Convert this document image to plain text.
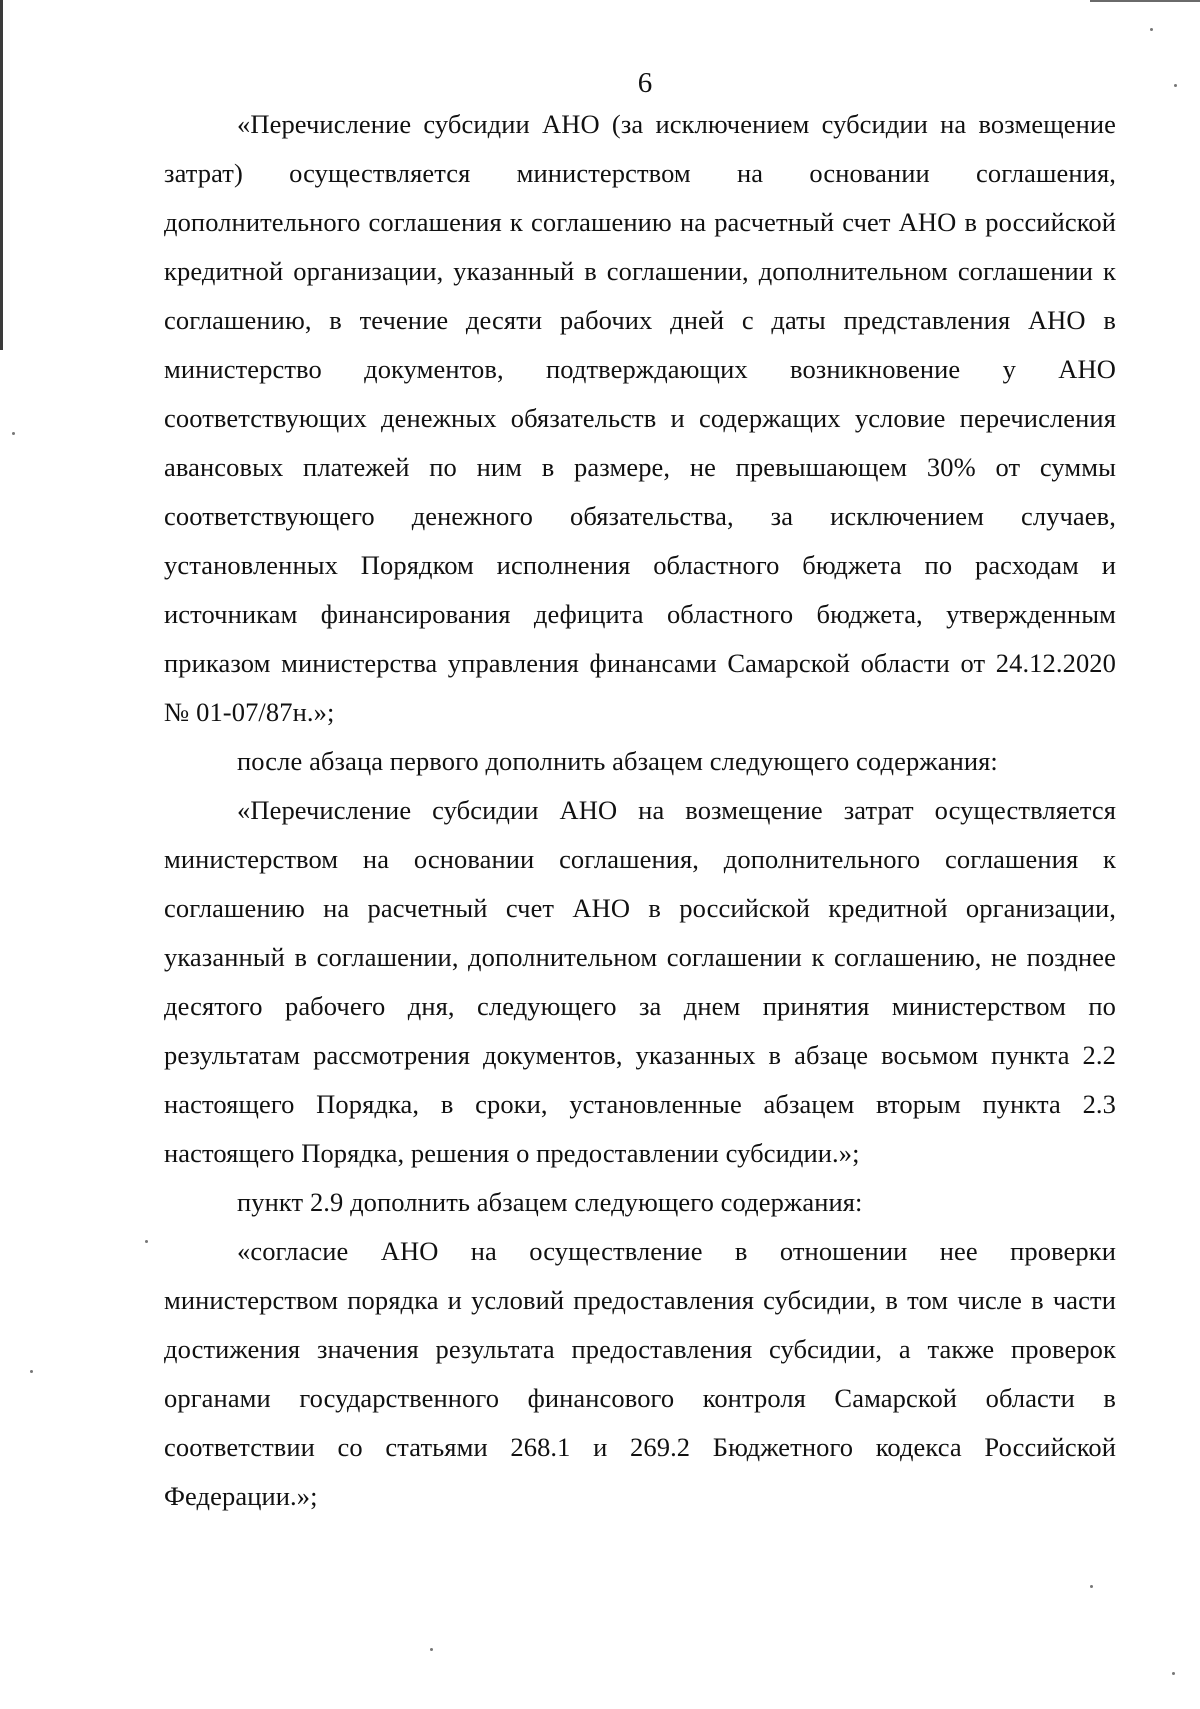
6

«Перечисление субсидии АНО (за исключением субсидии на возмещение затрат) осуществляется министерством на основании соглашения, дополнительного соглашения к соглашению на расчетный счет АНО в российской кредитной организации, указанный в соглашении, дополнительном соглашении к соглашению, в течение десяти рабочих дней с даты представления АНО в министерство документов, подтверждающих возникновение у АНО соответствующих денежных обязательств и содержащих условие перечисления авансовых платежей по ним в размере, не превышающем 30% от суммы соответствующего денежного обязательства, за исключением случаев, установленных Порядком исполнения областного бюджета по расходам и источникам финансирования дефицита областного бюджета, утвержденным приказом министерства управления финансами Самарской области от 24.12.2020 № 01-07/87н.»;

после абзаца первого дополнить абзацем следующего содержания:

«Перечисление субсидии АНО на возмещение затрат осуществляется министерством на основании соглашения, дополнительного соглашения к соглашению на расчетный счет АНО в российской кредитной организации, указанный в соглашении, дополнительном соглашении к соглашению, не позднее десятого рабочего дня, следующего за днем принятия министерством по результатам рассмотрения документов, указанных в абзаце восьмом пункта 2.2 настоящего Порядка, в сроки, установленные абзацем вторым пункта 2.3 настоящего Порядка, решения о предоставлении субсидии.»;

пункт 2.9 дополнить абзацем следующего содержания:

«согласие АНО на осуществление в отношении нее проверки министерством порядка и условий предоставления субсидии, в том числе в части достижения значения результата предоставления субсидии, а также проверок органами государственного финансового контроля Самарской области в соответствии со статьями 268.1 и 269.2 Бюджетного кодекса Российской Федерации.»;
